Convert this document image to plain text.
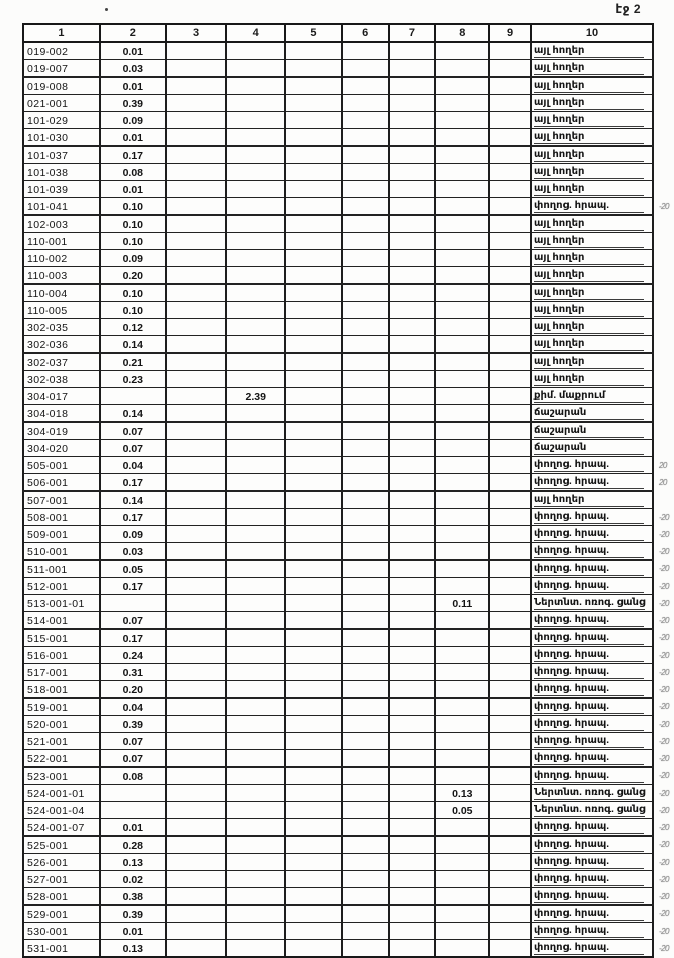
էջ 2
1	2	3	4	5	6	7	8	9	10	
019-002	0.01								այլ հողեր	
019-007	0.03								այլ հողեր	
019-008	0.01								այլ հողեր	
021-001	0.39								այլ հողեր	
101-029	0.09								այլ հողեր	
101-030	0.01								այլ հողեր	
101-037	0.17								այլ հողեր	
101-038	0.08								այլ հողեր	
101-039	0.01								այլ հողեր	
101-041	0.10								փողոց. հրապ.	-20
102-003	0.10								այլ հողեր	
110-001	0.10								այլ հողեր	
110-002	0.09								այլ հողեր	
110-003	0.20								այլ հողեր	
110-004	0.10								այլ հողեր	
110-005	0.10								այլ հողեր	
302-035	0.12								այլ հողեր	
302-036	0.14								այլ հողեր	
302-037	0.21								այլ հողեր	
302-038	0.23								այլ հողեր	
304-017			2.39						քիմ. մաքրում	
304-018	0.14								ճաշարան	
304-019	0.07								ճաշարան	
304-020	0.07								ճաշարան	
505-001	0.04								փողոց. հրապ.	20
506-001	0.17								փողոց. հրապ.	20
507-001	0.14								այլ հողեր	
508-001	0.17								փողոց. հրապ.	-20
509-001	0.09								փողոց. հրապ.	-20
510-001	0.03								փողոց. հրապ.	-20
511-001	0.05								փողոց. հրապ.	-20
512-001	0.17								փողոց. հրապ.	-20
513-001-01							0.11		Ներտնտ. ոռոգ. ցանց	-20
514-001	0.07								փողոց. հրապ.	-20
515-001	0.17								փողոց. հրապ.	-20
516-001	0.24								փողոց. հրապ.	-20
517-001	0.31								փողոց. հրապ.	-20
518-001	0.20								փողոց. հրապ.	-20
519-001	0.04								փողոց. հրապ.	-20
520-001	0.39								փողոց. հրապ.	-20
521-001	0.07								փողոց. հրապ.	-20
522-001	0.07								փողոց. հրապ.	-20
523-001	0.08								փողոց. հրապ.	-20
524-001-01							0.13		Ներտնտ. ոռոգ. ցանց	-20
524-001-04							0.05		Ներտնտ. ոռոգ. ցանց	-20
524-001-07	0.01								փողոց. հրապ.	-20
525-001	0.28								փողոց. հրապ.	-20
526-001	0.13								փողոց. հրապ.	-20
527-001	0.02								փողոց. հրապ.	-20
528-001	0.38								փողոց. հրապ.	-20
529-001	0.39								փողոց. հրապ.	-20
530-001	0.01								փողոց. հրապ.	-20
531-001	0.13								փողոց. հրապ.	-20
